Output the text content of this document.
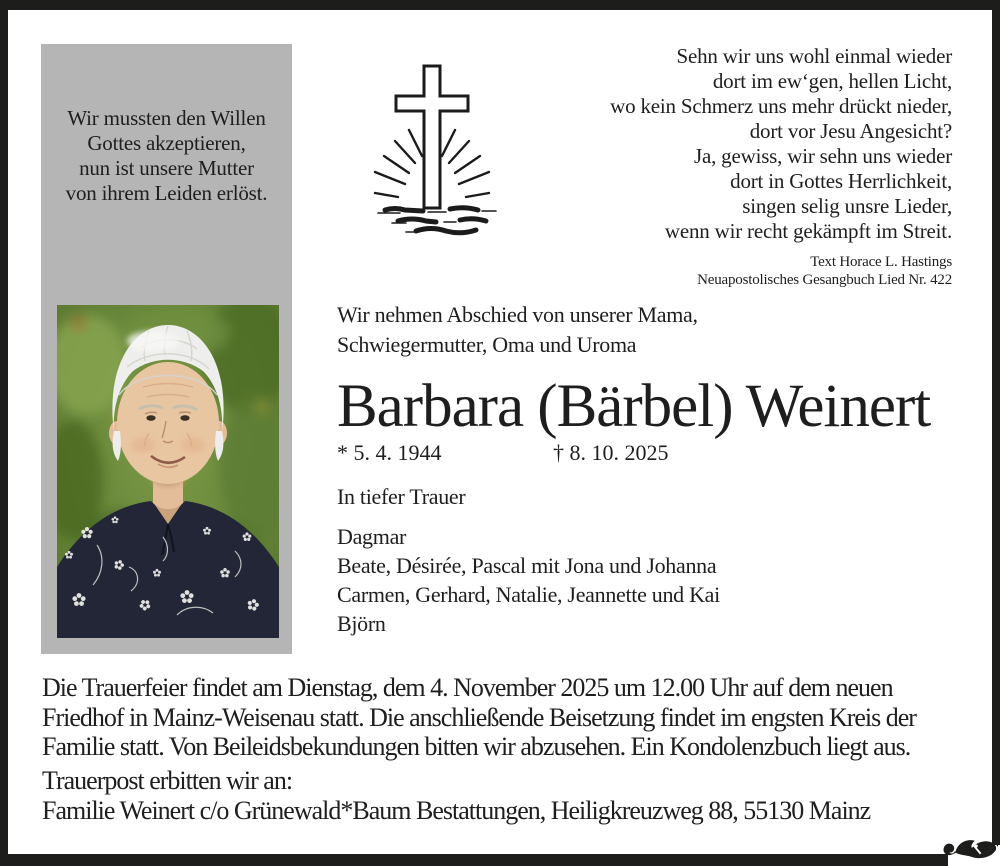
Wir mussten den Willen
Gottes akzeptieren,
nun ist unsere Mutter
von ihrem Leiden erlöst.
Sehn wir uns wohl einmal wieder
dort im ew‘gen, hellen Licht,
wo kein Schmerz uns mehr drückt nieder,
dort vor Jesu Angesicht?
Ja, gewiss, wir sehn uns wieder
dort in Gottes Herrlichkeit,
singen selig unsre Lieder,
wenn wir recht gekämpft im Streit.
Text Horace L. Hastings
Neuapostolisches Gesangbuch Lied Nr. 422
Wir nehmen Abschied von unserer Mama,
Schwiegermutter, Oma und Uroma
Barbara (Bärbel) Weinert
* 5. 4. 1944	† 8. 10. 2025
In tiefer Trauer
Dagmar
Beate, Désirée, Pascal mit Jona und Johanna
Carmen, Gerhard, Natalie, Jeannette und Kai
Björn
Die Trauerfeier findet am Dienstag, dem 4. November 2025 um 12.00 Uhr auf dem neuen
Friedhof in Mainz-Weisenau statt. Die anschließende Beisetzung findet im engsten Kreis der
Familie statt. Von Beileidsbekundungen bitten wir abzusehen. Ein Kondolenzbuch liegt aus.
Trauerpost erbitten wir an:
Familie Weinert c/o Grünewald*Baum Bestattungen, Heiligkreuzweg 88, 55130 Mainz
